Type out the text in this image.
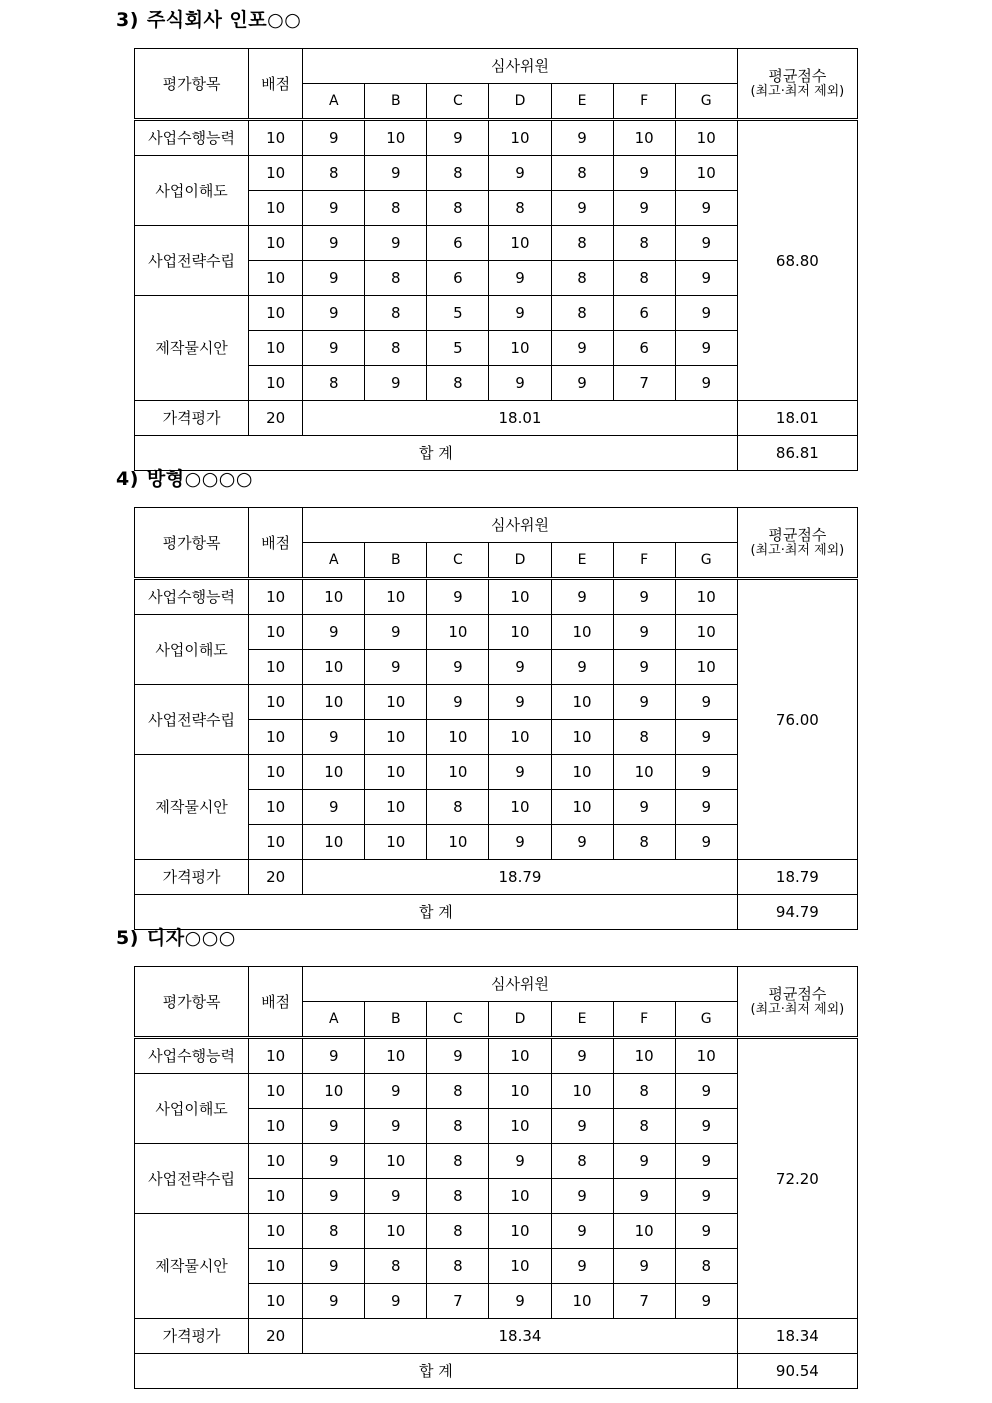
3) 주식회사 인포○○
평가항목	배점	심사위원							평균점수
(최고·최저 제외)

		A	B	C	D	E	F	G	
사업수행능력	10	9	10	9	10	9	10	10	68.80
사업이해도	10	8	9	8	9	8	9	10	
	10	9	8	8	8	9	9	9	
사업전략수립	10	9	9	6	10	8	8	9	
	10	9	8	6	9	8	8	9	
제작물시안	10	9	8	5	9	8	6	9	
	10	9	8	5	10	9	6	9	
	10	8	9	8	9	9	7	9	
가격평가	20	18.01							18.01
합 계									86.81
4) 방형○○○○
평가항목	배점	심사위원							평균점수
(최고·최저 제외)

		A	B	C	D	E	F	G	
사업수행능력	10	10	10	9	10	9	9	10	76.00
사업이해도	10	9	9	10	10	10	9	10	
	10	10	9	9	9	9	9	10	
사업전략수립	10	10	10	9	9	10	9	9	
	10	9	10	10	10	10	8	9	
제작물시안	10	10	10	10	9	10	10	9	
	10	9	10	8	10	10	9	9	
	10	10	10	10	9	9	8	9	
가격평가	20	18.79							18.79
합 계									94.79
5) 디자○○○
평가항목	배점	심사위원							평균점수
(최고·최저 제외)

		A	B	C	D	E	F	G	
사업수행능력	10	9	10	9	10	9	10	10	72.20
사업이해도	10	10	9	8	10	10	8	9	
	10	9	9	8	10	9	8	9	
사업전략수립	10	9	10	8	9	8	9	9	
	10	9	9	8	10	9	9	9	
제작물시안	10	8	10	8	10	9	10	9	
	10	9	8	8	10	9	9	8	
	10	9	9	7	9	10	7	9	
가격평가	20	18.34							18.34
합 계									90.54
